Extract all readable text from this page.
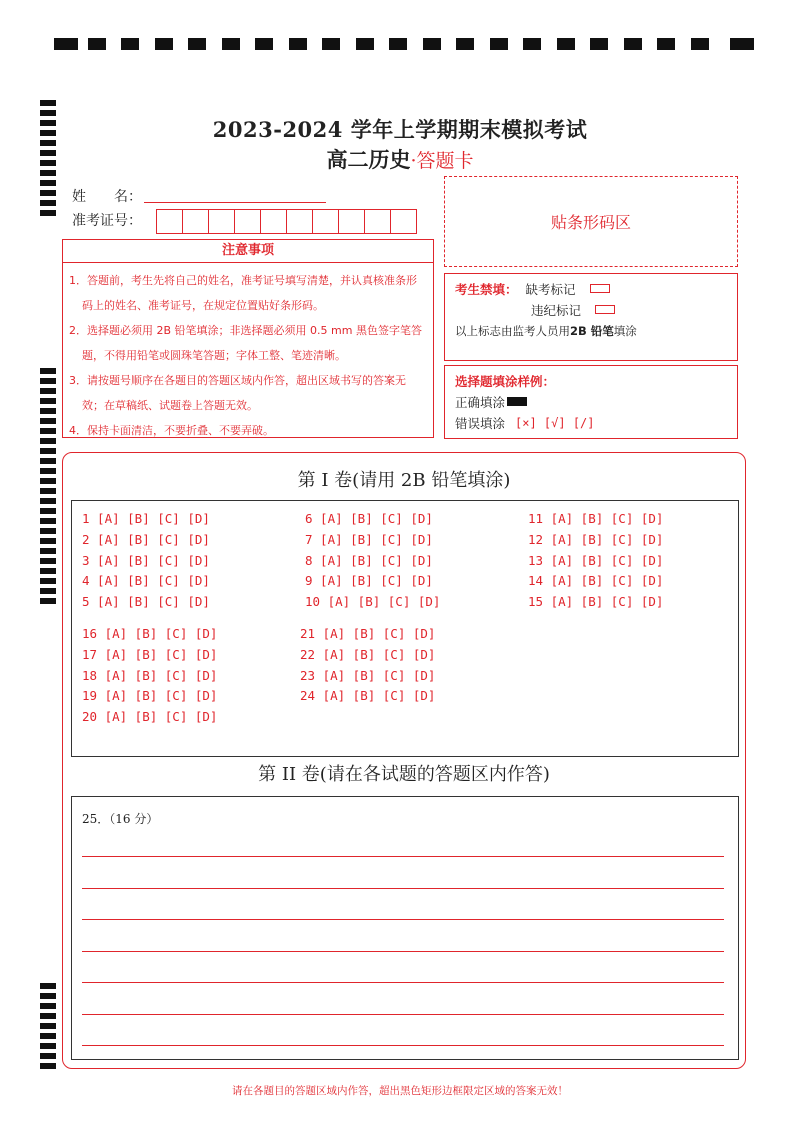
2023-2024 学年上学期期末模拟考试
高二历史·答题卡
姓　　名：
准考证号：	贴条形码区
注意事项

1．答题前，考生先将自己的姓名，准考证号填写清楚，并认真核准条形码上的姓名、准考证号，在规定位置贴好条形码。

2．选择题必须用 2B 铅笔填涂；非选择题必须用 0.5 mm 黑色签字笔答题，不得用铅笔或圆珠笔答题；字体工整、笔迹清晰。

3．请按题号顺序在各题目的答题区域内作答，超出区域书写的答案无效；在草稿纸、试题卷上答题无效。

4．保持卡面清洁，不要折叠、不要弄破。

考生禁填： 缺考标记
违纪标记
以上标志由监考人员用 2B 铅笔 填涂
选择题填涂样例：
正确填涂
错误填涂 [×] [√] [/]
第 I 卷(请用 2B 铅笔填涂)
1 [A] [B] [C] [D]
2 [A] [B] [C] [D]
3 [A] [B] [C] [D]
4 [A] [B] [C] [D]
5 [A] [B] [C] [D]
6 [A] [B] [C] [D]
7 [A] [B] [C] [D]
8 [A] [B] [C] [D]
9 [A] [B] [C] [D]
10 [A] [B] [C] [D]
11 [A] [B] [C] [D]
12 [A] [B] [C] [D]
13 [A] [B] [C] [D]
14 [A] [B] [C] [D]
15 [A] [B] [C] [D]
16 [A] [B] [C] [D]
17 [A] [B] [C] [D]
18 [A] [B] [C] [D]
19 [A] [B] [C] [D]
20 [A] [B] [C] [D]
21 [A] [B] [C] [D]
22 [A] [B] [C] [D]
23 [A] [B] [C] [D]
24 [A] [B] [C] [D]
第 II 卷(请在各试题的答题区内作答)
25．（16 分）
请在各题目的答题区域内作答，超出黑色矩形边框限定区域的答案无效！
